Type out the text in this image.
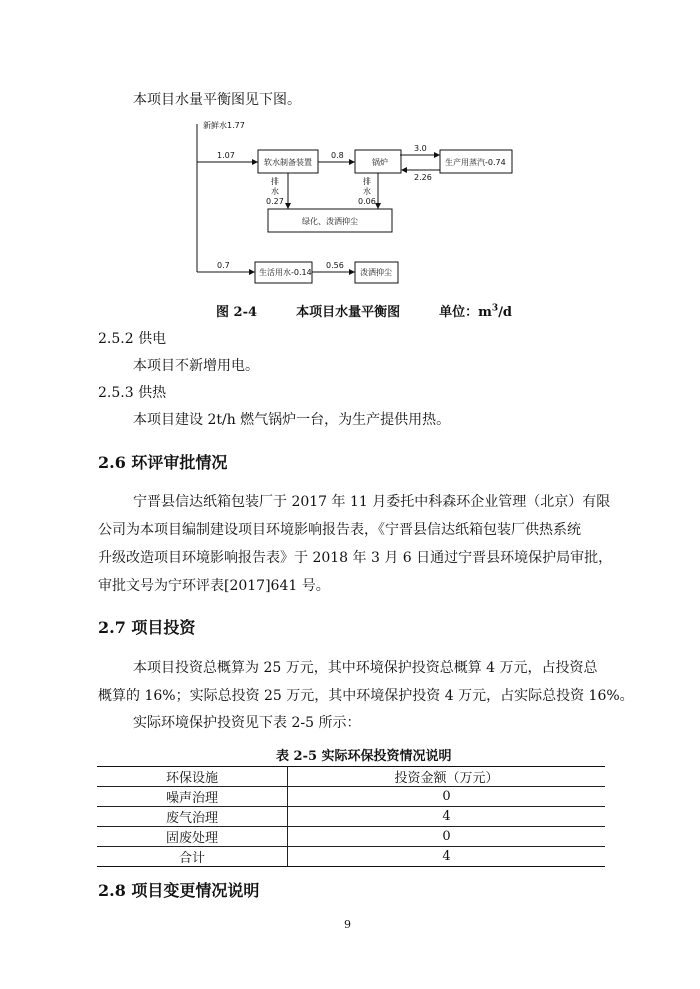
本项目水量平衡图见下图。
新鲜水1.77
1.07
软水制备装置
0.8
锅炉
3.0
生产用蒸汽-0.74
2.26
排
水
0.27
排
水
0.06
绿化、泼洒抑尘
0.7
生活用水-0.14
0.56
泼洒抑尘
图 2-4	本项目水量平衡图	单位：$m^3/d$
2.5.2 供电
本项目不新增用电。
2.5.3 供热
本项目建设 2t/h 燃气锅炉一台，为生产提供用热。
2.6 环评审批情况
宁晋县信达纸箱包装厂于 2017 年 11 月委托中科森环企业管理（北京）有限
公司为本项目编制建设项目环境影响报告表，《宁晋县信达纸箱包装厂供热系统
升级改造项目环境影响报告表》于 2018 年 3 月 6 日通过宁晋县环境保护局审批，
审批文号为宁环评表[2017]641 号。
2.7 项目投资
本项目投资总概算为 25 万元，其中环境保护投资总概算 4 万元，占投资总
概算的 16%；实际总投资 25 万元，其中环境保护投资 4 万元，占实际总投资 16%。
实际环境保护投资见下表 2-5 所示：
表 2-5 实际环保投资情况说明
环保设施	投资金额（万元）
噪声治理	0
废气治理	4
固废处理	0
合计	4
2.8 项目变更情况说明
9
